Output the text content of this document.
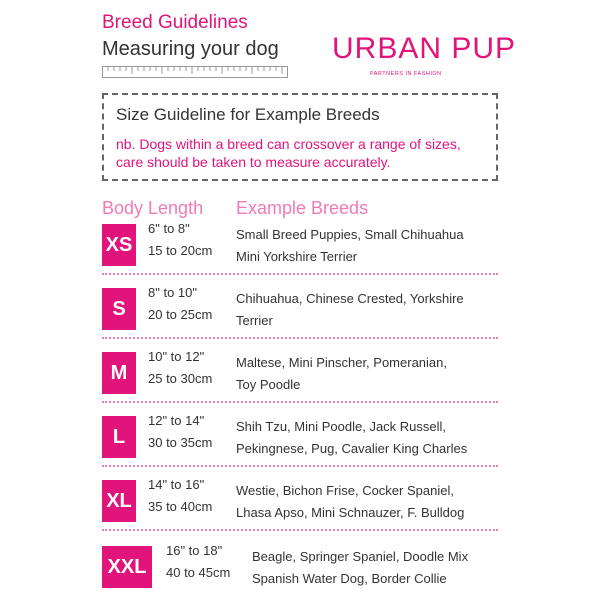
Breed Guidelines
Measuring your dog URBAN PUP
PARTNERS IN FASHION
Size Guideline for Example Breeds
nb. Dogs within a breed can crossover a range of sizes, care should be taken to measure accurately.
Body Length Example Breeds
XS
6" to 8"
15 to 20cm
Small Breed Puppies, Small Chihuahua
Mini Yorkshire Terrier
S
8" to 10"
20 to 25cm
Chihuahua, Chinese Crested, Yorkshire
Terrier
M
10" to 12"
25 to 30cm
Maltese, Mini Pinscher, Pomeranian,
Toy Poodle
L
12" to 14"
30 to 35cm
Shih Tzu, Mini Poodle, Jack Russell,
Pekingnese, Pug, Cavalier King Charles
XL
14" to 16"
35 to 40cm
Westie, Bichon Frise, Cocker Spaniel,
Lhasa Apso, Mini Schnauzer, F. Bulldog
XXL
16" to 18"
40 to 45cm
Beagle, Springer Spaniel, Doodle Mix
Spanish Water Dog, Border Collie
